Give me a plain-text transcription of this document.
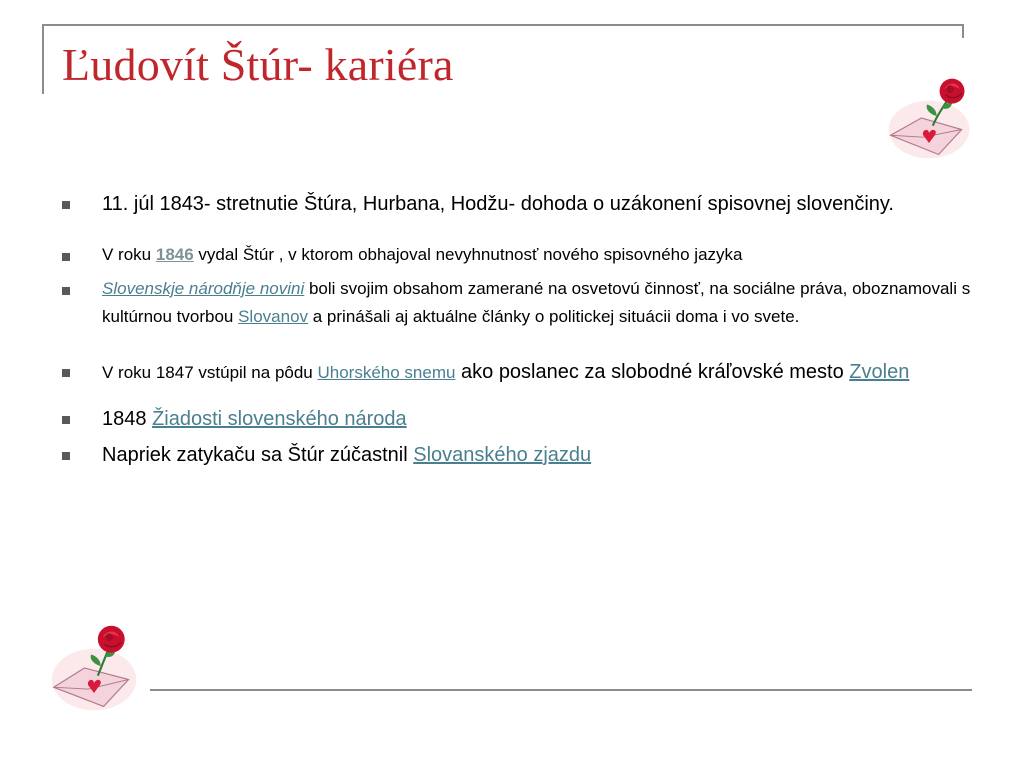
Ľudovít Štúr- kariéra
11. júl 1843- stretnutie Štúra, Hurbana, Hodžu- dohoda o uzákonení spisovnej slovenčiny.
V roku 1846 vydal Štúr , v ktorom obhajoval nevyhnutnosť nového spisovného jazyka
Slovenskje národňje novini boli svojim obsahom zamerané na osvetovú činnosť, na sociálne práva, oboznamovali s kultúrnou tvorbou Slovanov a prinášali aj aktuálne články o politickej situácii doma i vo svete.
V roku 1847 vstúpil na pôdu Uhorského snemu ako poslanec za slobodné kráľovské mesto Zvolen
1848 Žiadosti slovenského národa
Napriek zatykaču sa Štúr zúčastnil Slovanského zjazdu
